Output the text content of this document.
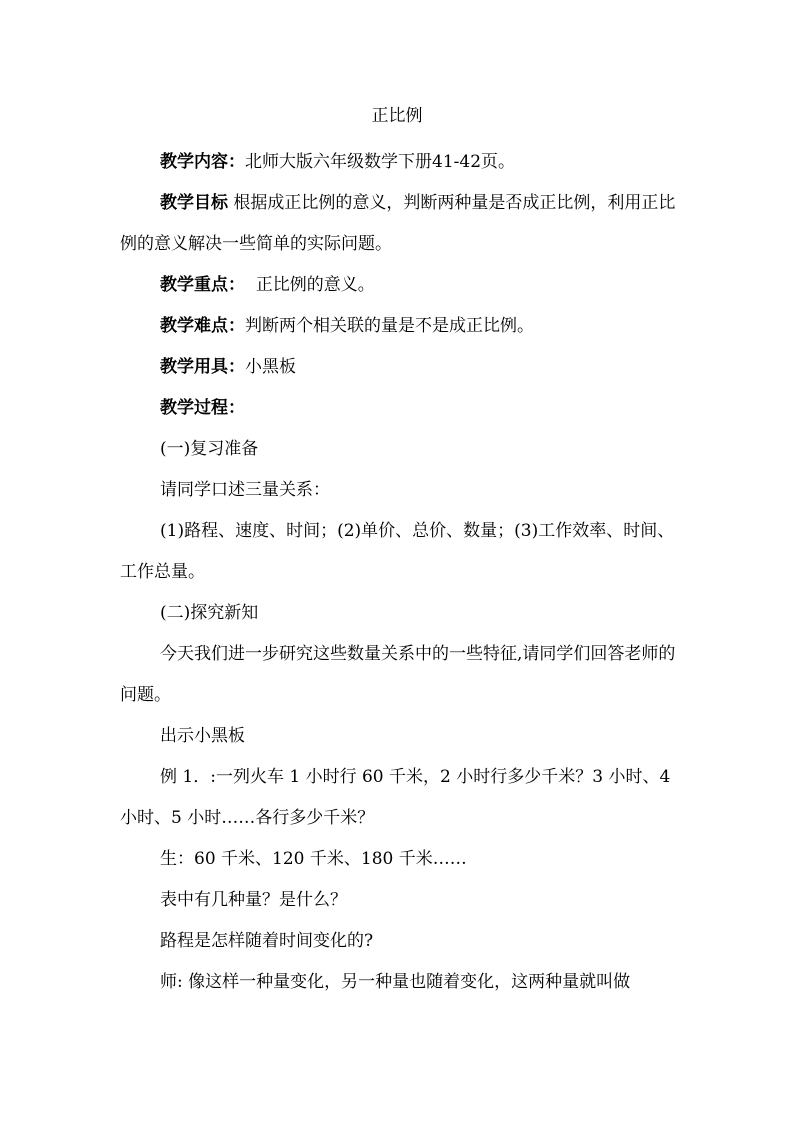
正比例

教学内容：北师大版六年级数学下册41-42页。

教学目标 根据成正比例的意义，判断两种量是否成正比例，利用正比例的意义解决一些简单的实际问题。

教学重点： 正比例的意义。

教学难点：判断两个相关联的量是不是成正比例。

教学用具：小黑板

教学过程：

(一)复习准备

请同学口述三量关系：

(1)路程、速度、时间；(2)单价、总价、数量；(3)工作效率、时间、工作总量。

(二)探究新知

今天我们进一步研究这些数量关系中的一些特征,请同学们回答老师的问题。

出示小黑板

例 1．:一列火车 1 小时行 60 千米，2 小时行多少千米？3 小时、4 小时、5 小时……各行多少千米？

生：60 千米、120 千米、180 千米……

表中有几种量？是什么？

路程是怎样随着时间变化的?

师: 像这样一种量变化，另一种量也随着变化，这两种量就叫做
